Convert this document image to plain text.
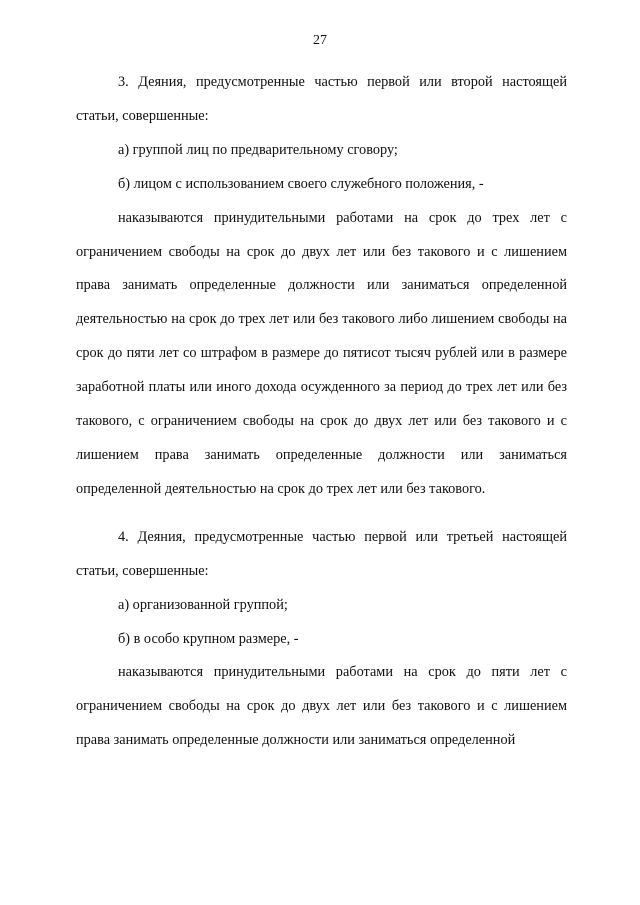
27

3. Деяния, предусмотренные частью первой или второй настоящей статьи, совершенные:

а) группой лиц по предварительному сговору;

б) лицом с использованием своего служебного положения, -

наказываются принудительными работами на срок до трех лет с ограничением свободы на срок до двух лет или без такового и с лишением права занимать определенные должности или заниматься определенной деятельностью на срок до трех лет или без такового либо лишением свободы на срок до пяти лет со штрафом в размере до пятисот тысяч рублей или в размере заработной платы или иного дохода осужденного за период до трех лет или без такового, с ограничением свободы на срок до двух лет или без такового и с лишением права занимать определенные должности или заниматься определенной деятельностью на срок до трех лет или без такового.

4. Деяния, предусмотренные частью первой или третьей настоящей статьи, совершенные:

а) организованной группой;

б) в особо крупном размере, -

наказываются принудительными работами на срок до пяти лет с ограничением свободы на срок до двух лет или без такового и с лишением права занимать определенные должности или заниматься определенной
